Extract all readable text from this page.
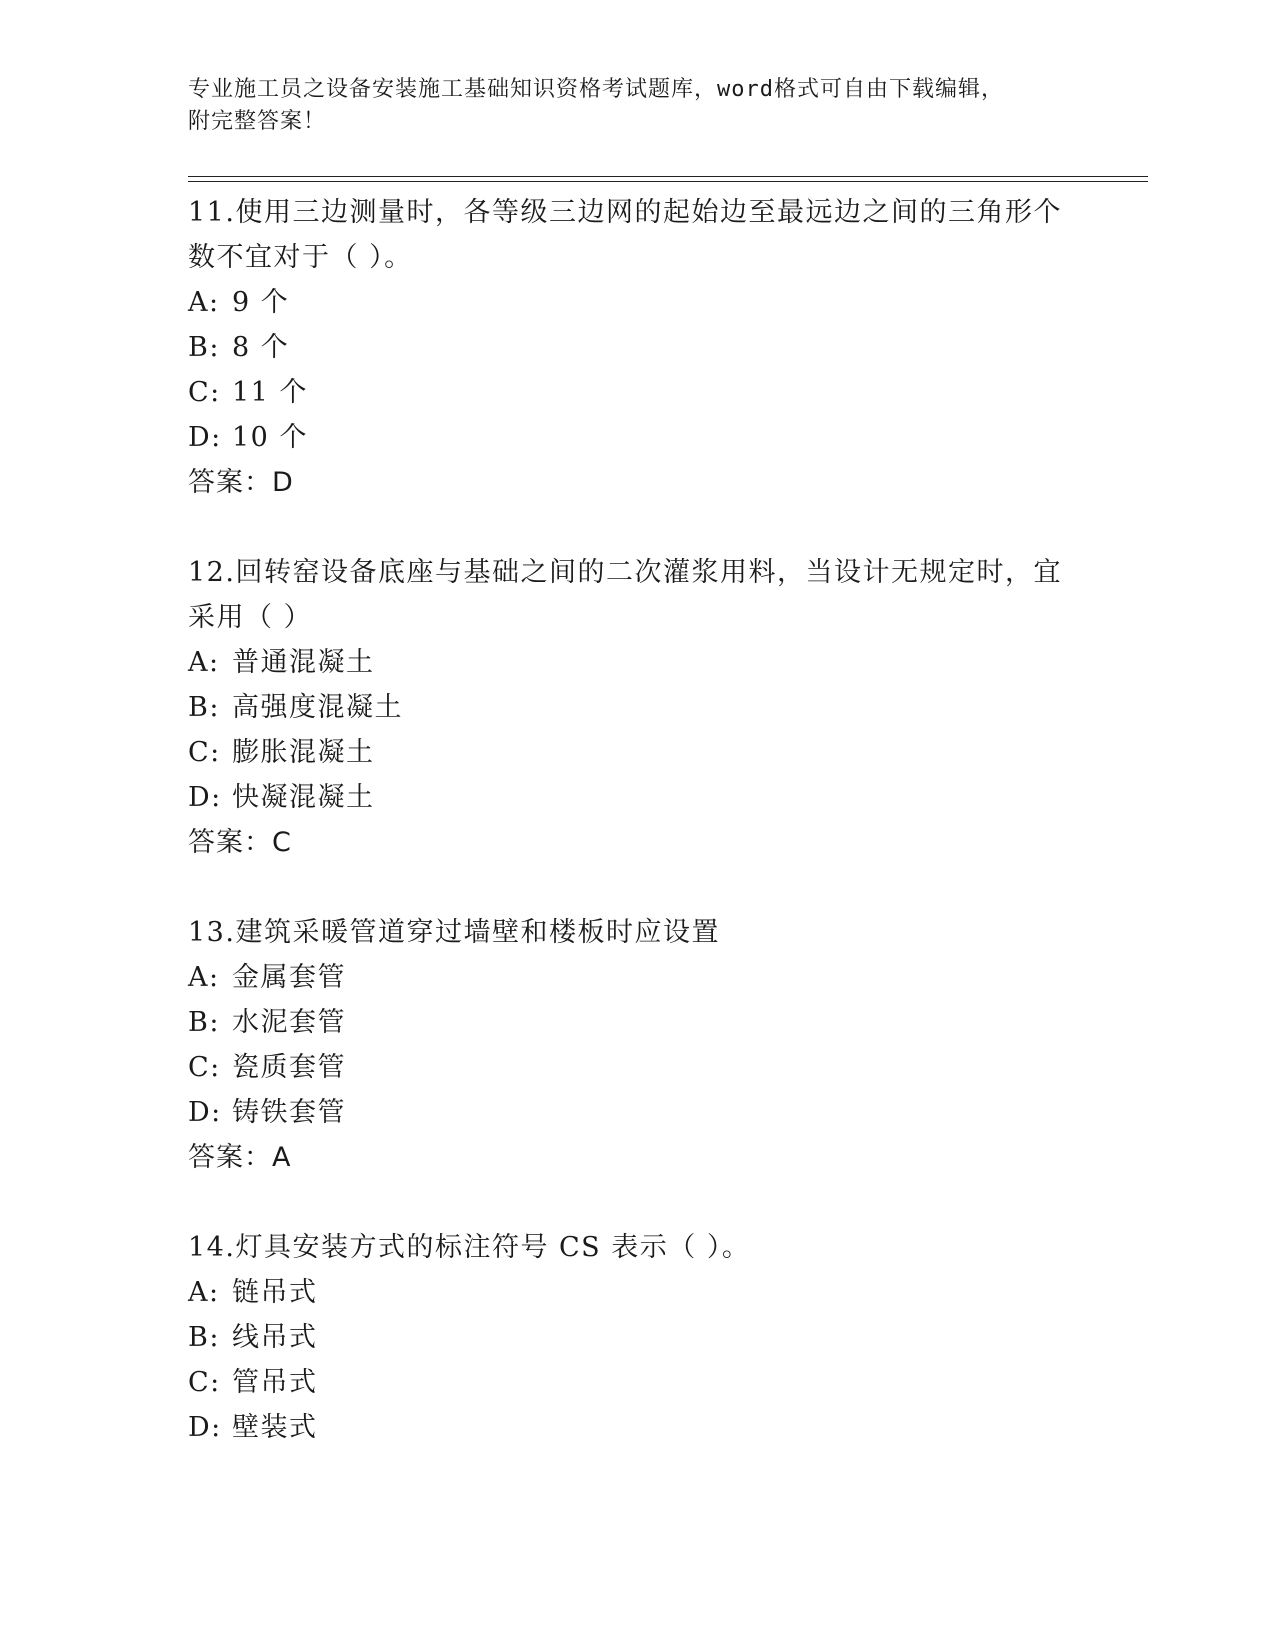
专业施工员之设备安装施工基础知识资格考试题库，word格式可自由下载编辑，
附完整答案！
11.使用三边测量时，各等级三边网的起始边至最远边之间的三角形个数不宜对于（ ）。
A: 9 个
B: 8 个
C: 11 个
D: 10 个
答案：D
12.回转窑设备底座与基础之间的二次灌浆用料，当设计无规定时，宜采用（ ）
A: 普通混凝土
B: 高强度混凝土
C: 膨胀混凝土
D: 快凝混凝土
答案：C
13.建筑采暖管道穿过墙壁和楼板时应设置
A: 金属套管
B: 水泥套管
C: 瓷质套管
D: 铸铁套管
答案：A
14.灯具安装方式的标注符号 CS 表示（ ）。
A: 链吊式
B: 线吊式
C: 管吊式
D: 壁装式
